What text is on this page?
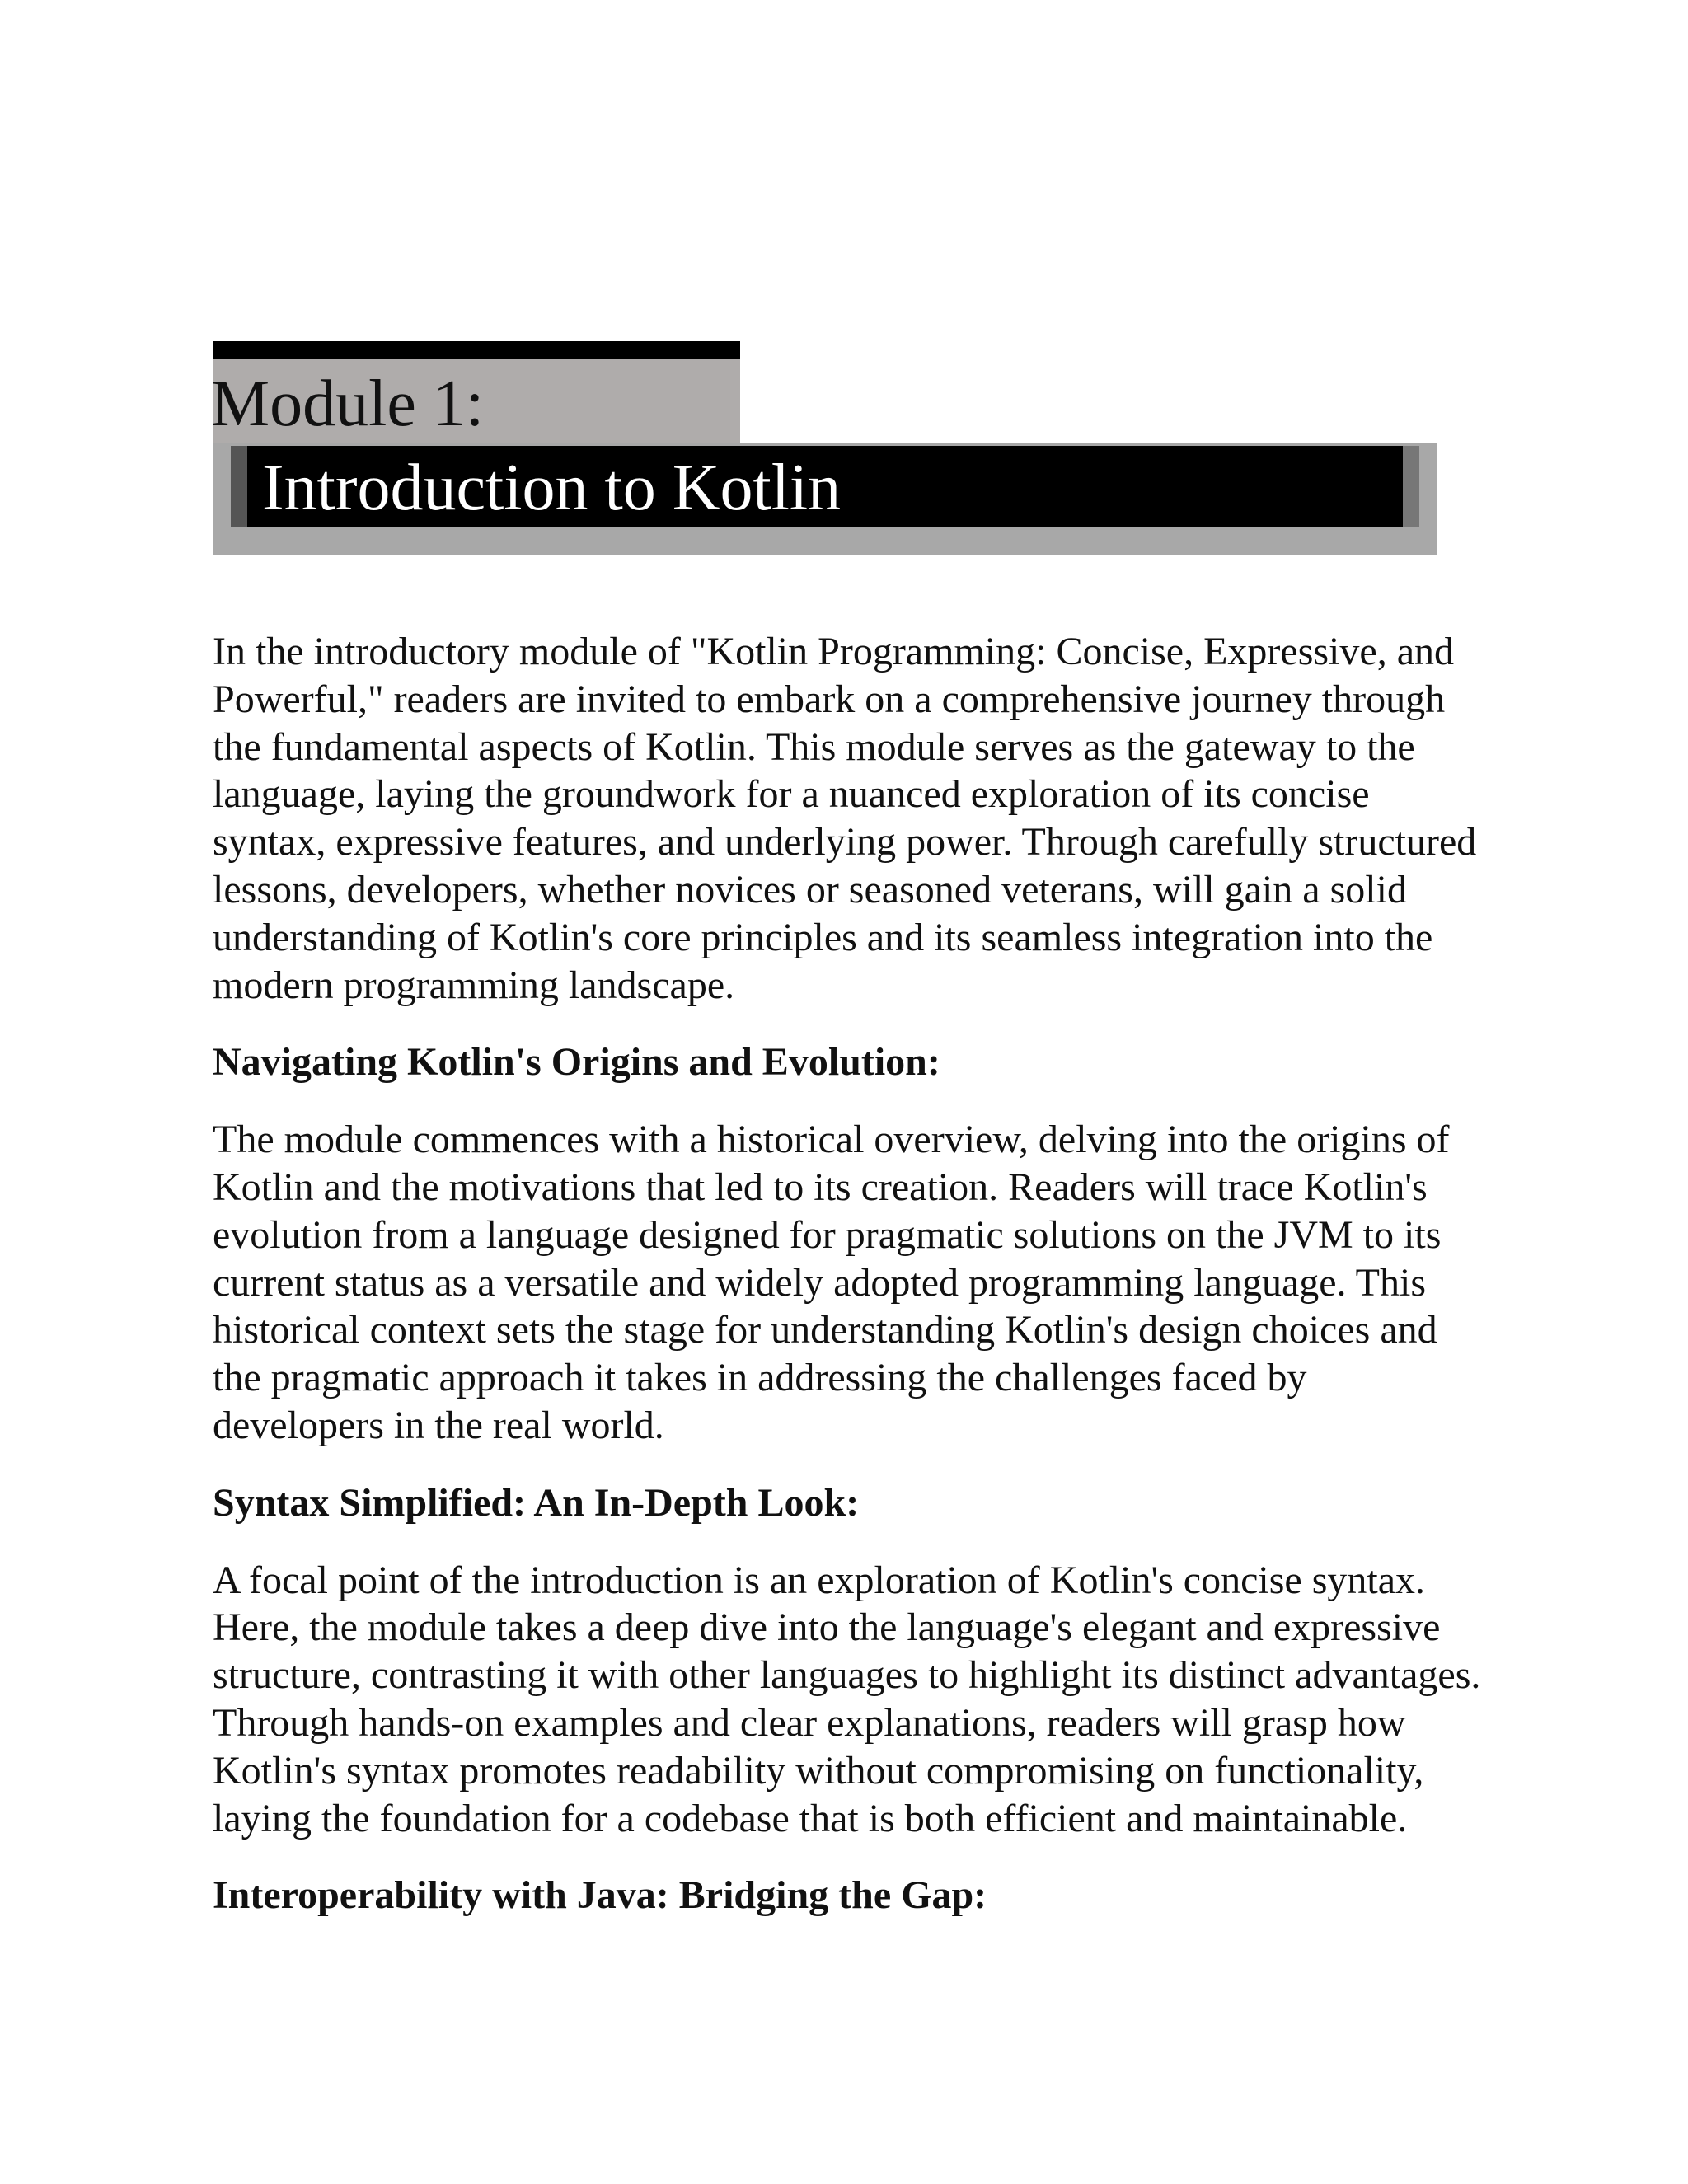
Module 1:
Introduction to Kotlin

In the introductory module of "Kotlin Programming: Concise, Expressive, and Powerful," readers are invited to embark on a comprehensive journey through the fundamental aspects of Kotlin. This module serves as the gateway to the language, laying the groundwork for a nuanced exploration of its concise syntax, expressive features, and underlying power. Through carefully structured lessons, developers, whether novices or seasoned veterans, will gain a solid understanding of Kotlin's core principles and its seamless integration into the modern programming landscape.

Navigating Kotlin's Origins and Evolution:

The module commences with a historical overview, delving into the origins of Kotlin and the motivations that led to its creation. Readers will trace Kotlin's evolution from a language designed for pragmatic solutions on the JVM to its current status as a versatile and widely adopted programming language. This historical context sets the stage for understanding Kotlin's design choices and the pragmatic approach it takes in addressing the challenges faced by developers in the real world.

Syntax Simplified: An In-Depth Look:

A focal point of the introduction is an exploration of Kotlin's concise syntax. Here, the module takes a deep dive into the language's elegant and expressive structure, contrasting it with other languages to highlight its distinct advantages. Through hands-on examples and clear explanations, readers will grasp how Kotlin's syntax promotes readability without compromising on functionality, laying the foundation for a codebase that is both efficient and maintainable.

Interoperability with Java: Bridging the Gap:
